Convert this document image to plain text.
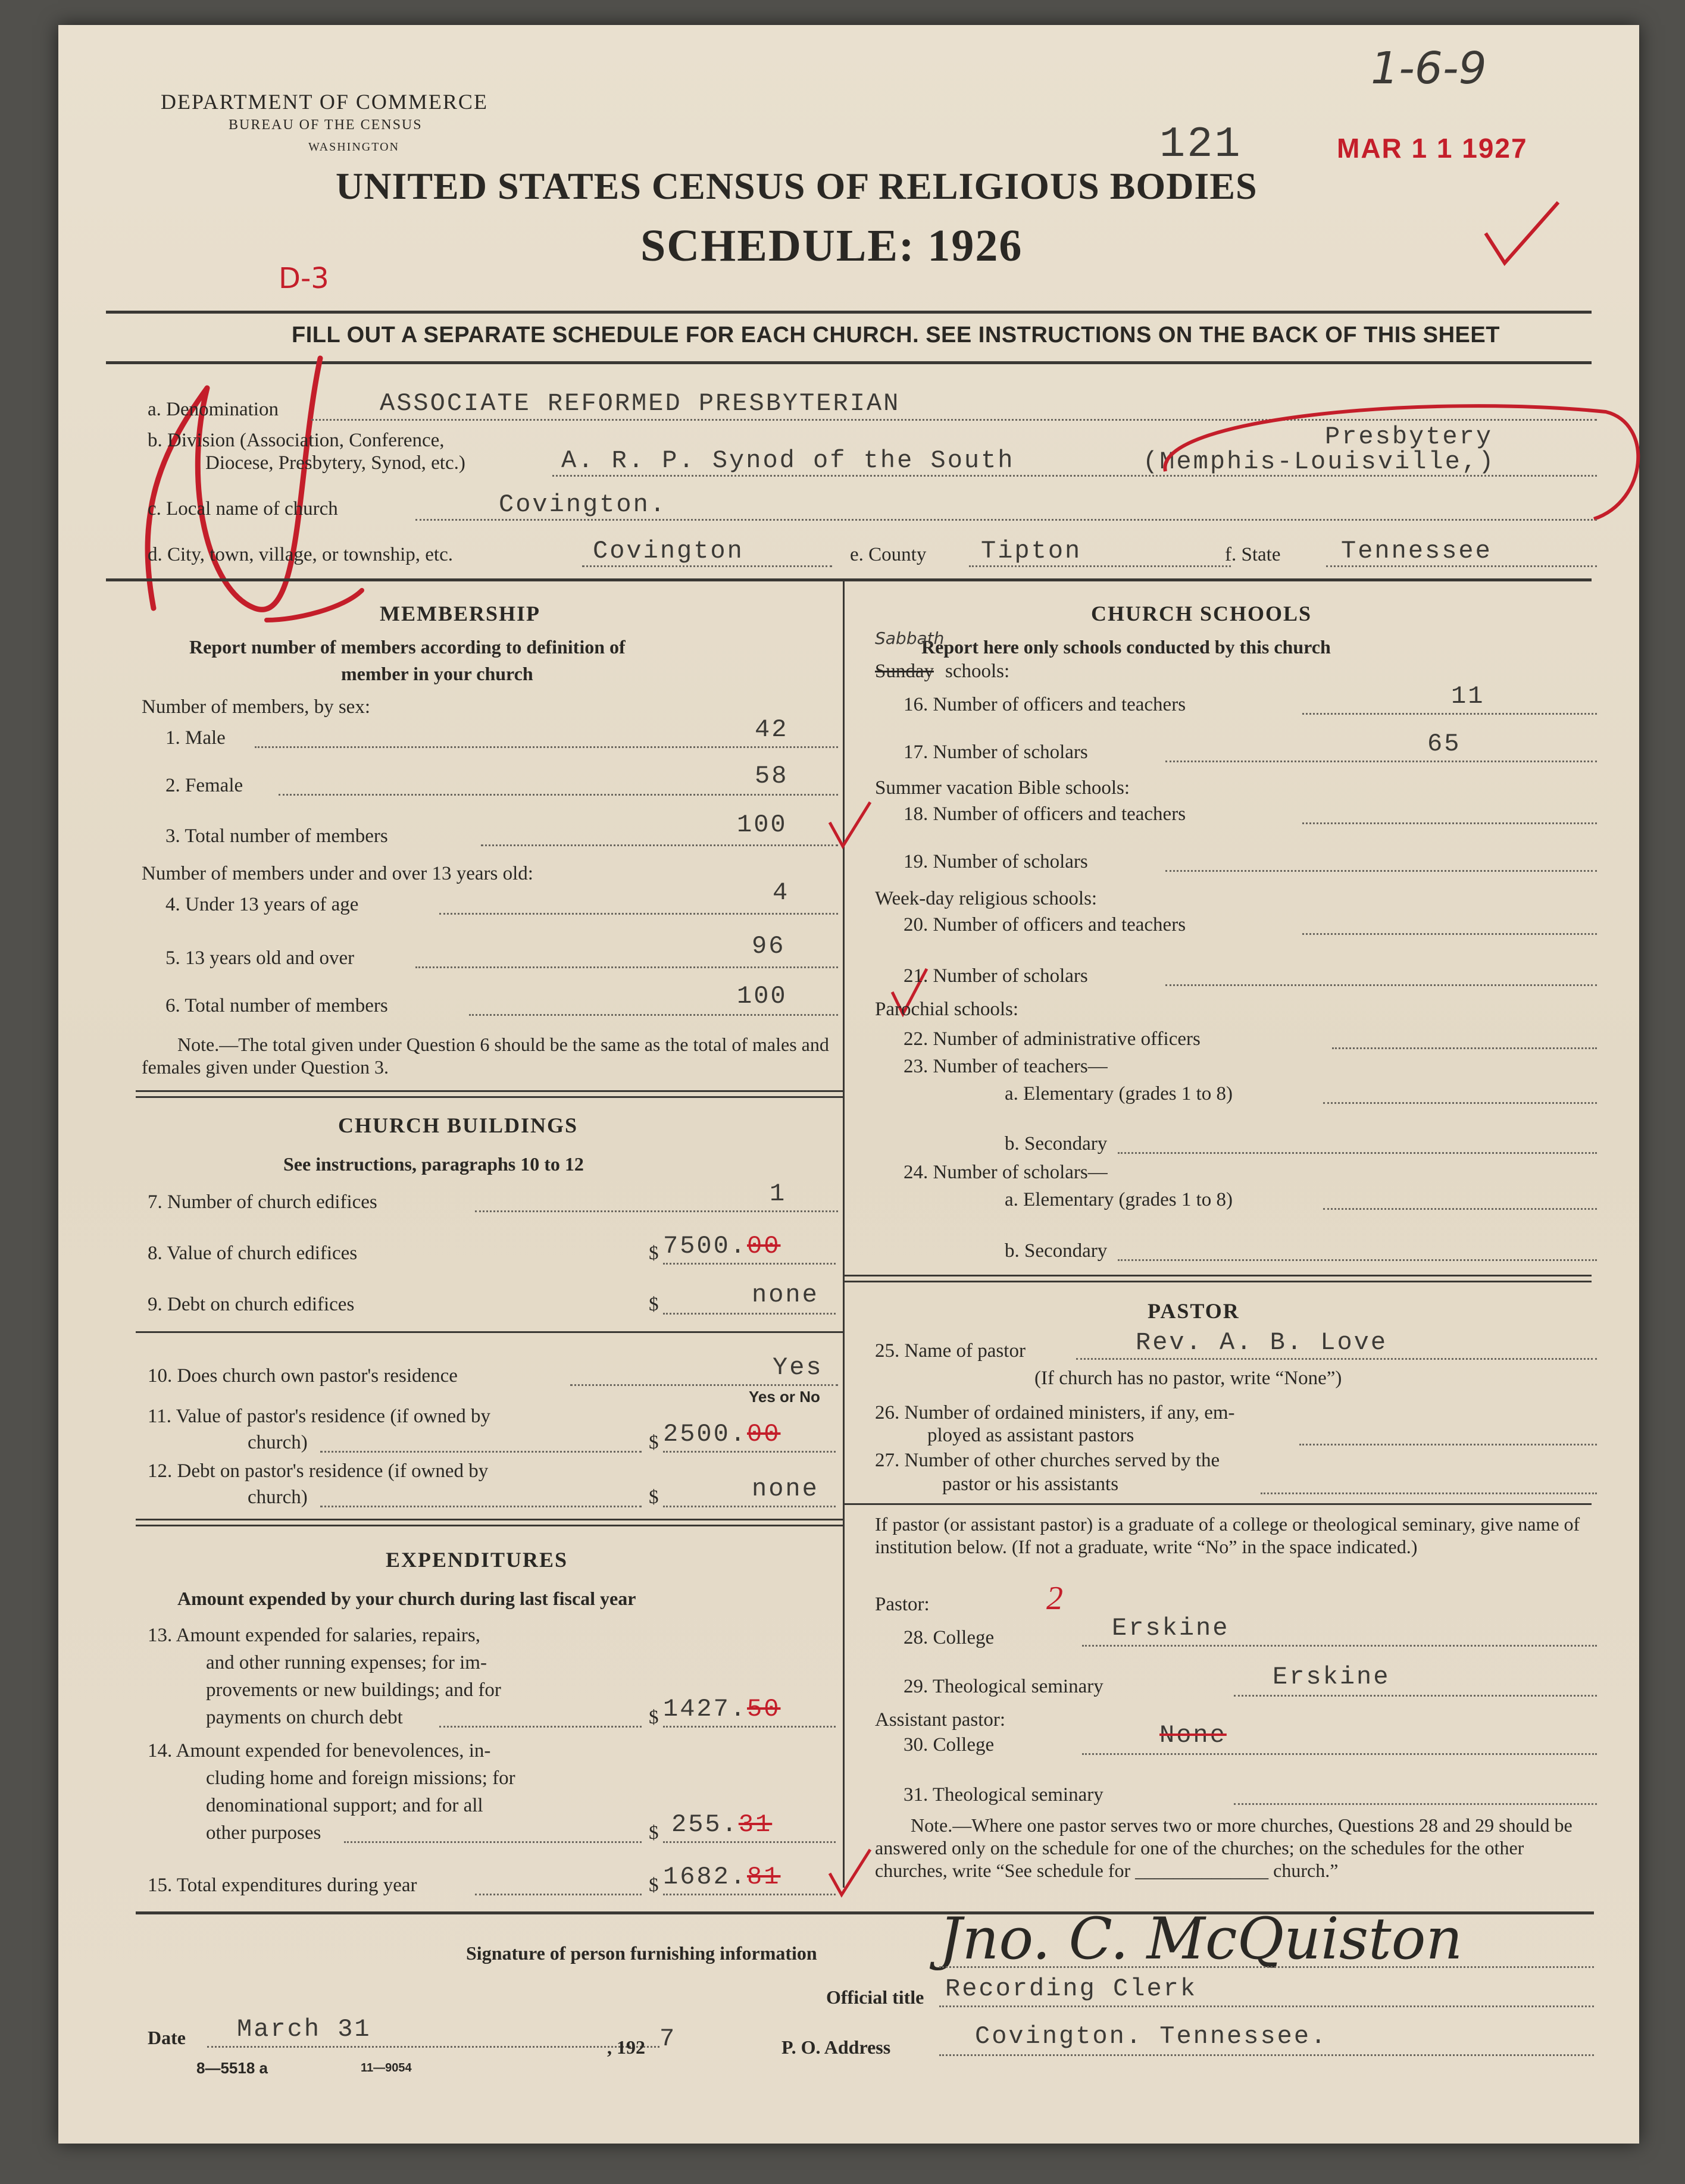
DEPARTMENT OF COMMERCE
BUREAU OF THE CENSUS
WASHINGTON
1-6-9
121	MAR 1 1 1927
UNITED STATES CENSUS OF RELIGIOUS BODIES
SCHEDULE: 1926
D-3
FILL OUT A SEPARATE SCHEDULE FOR EACH CHURCH. SEE INSTRUCTIONS ON THE BACK OF THIS SHEET
a. Denomination	ASSOCIATE REFORMED PRESBYTERIAN
b. Division (Association, Conference,
Diocese, Presbytery, Synod, etc.)	A. R. P. Synod of the South
Presbytery
(Memphis-Louisville,)
c. Local name of church	Covington.
d. City, town, village, or township, etc.	Covington	e. County Tipton	f. State Tennessee
MEMBERSHIP
Report number of members according to definition of
member in your church
Number of members, by sex:
1. Male	42
2. Female	58
3. Total number of members	100
Number of members under and over 13 years old:
4. Under 13 years of age	4
5. 13 years old and over	96
6. Total number of members	100
Note.—The total given under Question 6 should be the same as the total of males and females given under Question 3.
CHURCH BUILDINGS
See instructions, paragraphs 10 to 12
7. Number of church edifices	1
8. Value of church edifices	$ 7500.00
9. Debt on church edifices	$	none
10. Does church own pastor's residence	Yes
Yes or No
11. Value of pastor's residence (if owned by
church)	$ 2500.00
12. Debt on pastor's residence (if owned by
church)	$	none
EXPENDITURES
Amount expended by your church during last fiscal year
13. Amount expended for salaries, repairs,
and other running expenses; for im-
provements or new buildings; and for
payments on church debt	$ 1427.50
14. Amount expended for benevolences, in-
cluding home and foreign missions; for
denominational support; and for all
other purposes	$ 255.31
15. Total expenditures during year	$ 1682.81
CHURCH SCHOOLS
Report here only schools conducted by this church
Sabbath
Sunday schools:
16. Number of officers and teachers	11
17. Number of scholars	65
Summer vacation Bible schools:
18. Number of officers and teachers
19. Number of scholars
Week-day religious schools:
20. Number of officers and teachers
21. Number of scholars
Parochial schools:
22. Number of administrative officers
23. Number of teachers—
a. Elementary (grades 1 to 8)
b. Secondary
24. Number of scholars—
a. Elementary (grades 1 to 8)
b. Secondary
PASTOR
25. Name of pastor	Rev. A. B. Love
(If church has no pastor, write “None”)
26. Number of ordained ministers, if any, em-
ployed as assistant pastors
27. Number of other churches served by the
pastor or his assistants
If pastor (or assistant pastor) is a graduate of a college or theological seminary, give name of institution below. (If not a graduate, write “No” in the space indicated.)
Pastor:	2
28. College	Erskine
29. Theological seminary	Erskine
Assistant pastor:
30. College	None
31. Theological seminary
Note.—Where one pastor serves two or more churches, Questions 28 and 29 should be answered only on the schedule for one of the churches; on the schedules for the other churches, write “See schedule for ______________ church.”
Signature of person furnishing information Jno. C. McQuiston
Official title Recording Clerk
Date March 31
, 192 7	P. O. Address	Covington. Tennessee.
8—5518 a	11—9054
